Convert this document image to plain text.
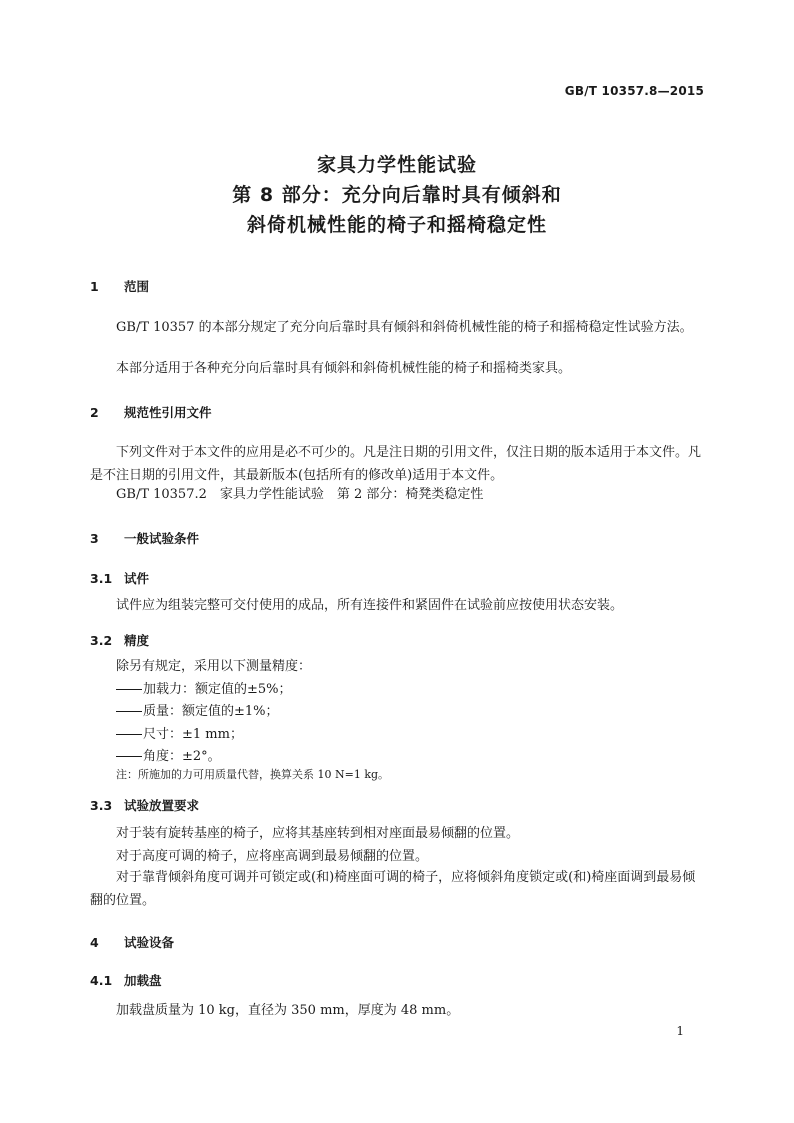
GB/T 10357.8—2015
家具力学性能试验
第 8 部分：充分向后靠时具有倾斜和
斜倚机械性能的椅子和摇椅稳定性
1 范围
GB/T 10357 的本部分规定了充分向后靠时具有倾斜和斜倚机械性能的椅子和摇椅稳定性试验方法。
本部分适用于各种充分向后靠时具有倾斜和斜倚机械性能的椅子和摇椅类家具。
2 规范性引用文件
下列文件对于本文件的应用是必不可少的。凡是注日期的引用文件，仅注日期的版本适用于本文件。凡是不注日期的引用文件，其最新版本(包括所有的修改单)适用于本文件。
GB/T 10357.2　家具力学性能试验　第 2 部分：椅凳类稳定性
3 一般试验条件
3.1 试件
试件应为组装完整可交付使用的成品，所有连接件和紧固件在试验前应按使用状态安装。
3.2 精度
除另有规定，采用以下测量精度：
加载力：额定值的±5%；
质量：额定值的±1%；
尺寸：±1 mm；
角度：±2°。
注：所施加的力可用质量代替，换算关系 10 N=1 kg。
3.3 试验放置要求
对于装有旋转基座的椅子，应将其基座转到相对座面最易倾翻的位置。
对于高度可调的椅子，应将座高调到最易倾翻的位置。
对于靠背倾斜角度可调并可锁定或(和)椅座面可调的椅子，应将倾斜角度锁定或(和)椅座面调到最易倾翻的位置。
4 试验设备
4.1 加载盘
加载盘质量为 10 kg，直径为 350 mm，厚度为 48 mm。
1
